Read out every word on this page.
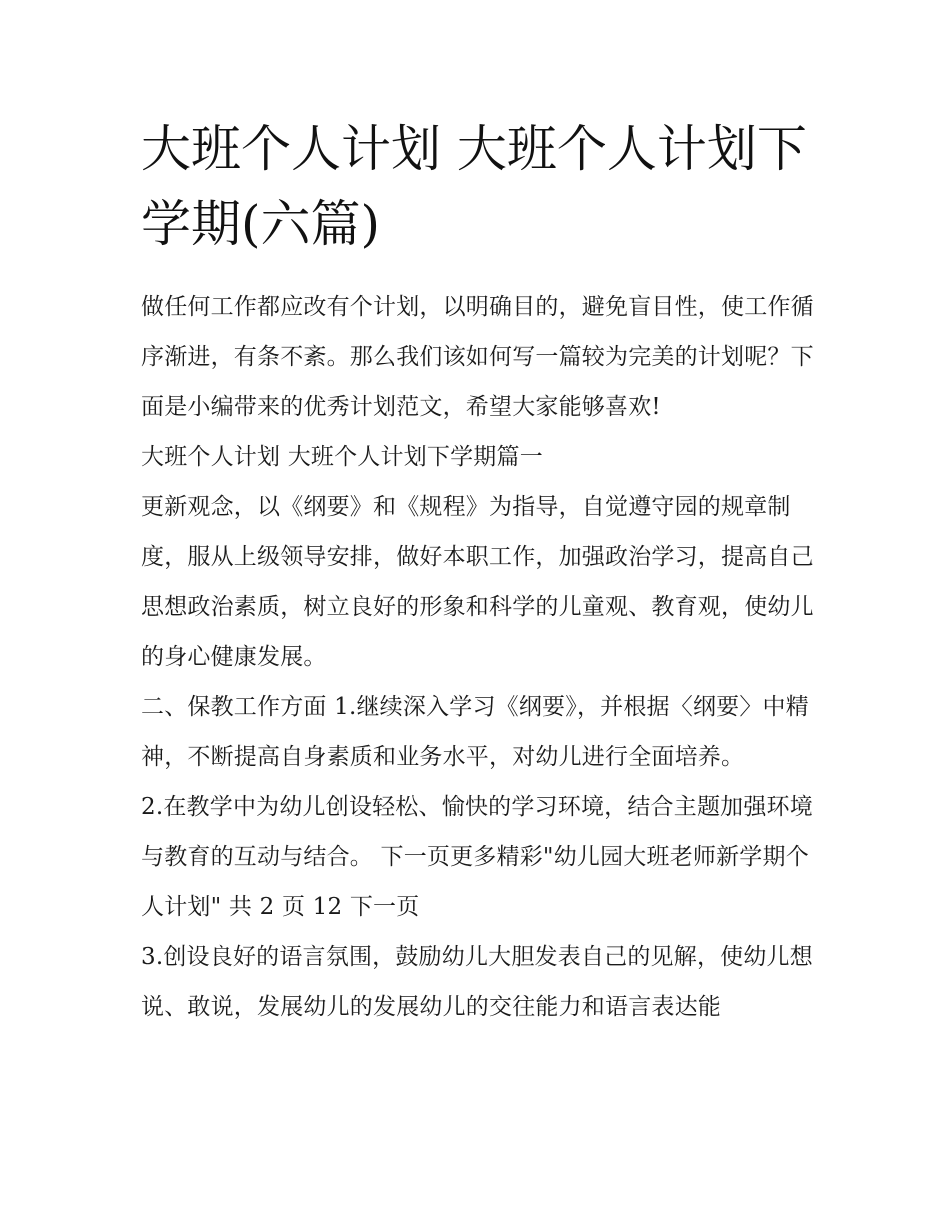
大班个人计划 大班个人计划下学期(六篇)

做任何工作都应改有个计划，以明确目的，避免盲目性，使工作循序渐进，有条不紊。那么我们该如何写一篇较为完美的计划呢？下面是小编带来的优秀计划范文，希望大家能够喜欢!

大班个人计划 大班个人计划下学期篇一

更新观念，以《纲要》和《规程》为指导，自觉遵守园的规章制度，服从上级领导安排，做好本职工作，加强政治学习，提高自己思想政治素质，树立良好的形象和科学的儿童观、教育观，使幼儿的身心健康发展。

二、保教工作方面 1.继续深入学习《纲要》，并根据〈纲要〉中精神，不断提高自身素质和业务水平，对幼儿进行全面培养。

2.在教学中为幼儿创设轻松、愉快的学习环境，结合主题加强环境与教育的互动与结合。 下一页更多精彩"幼儿园大班老师新学期个人计划" 共 2 页 12 下一页

3.创设良好的语言氛围，鼓励幼儿大胆发表自己的见解，使幼儿想说、敢说，发展幼儿的发展幼儿的交往能力和语言表达能
